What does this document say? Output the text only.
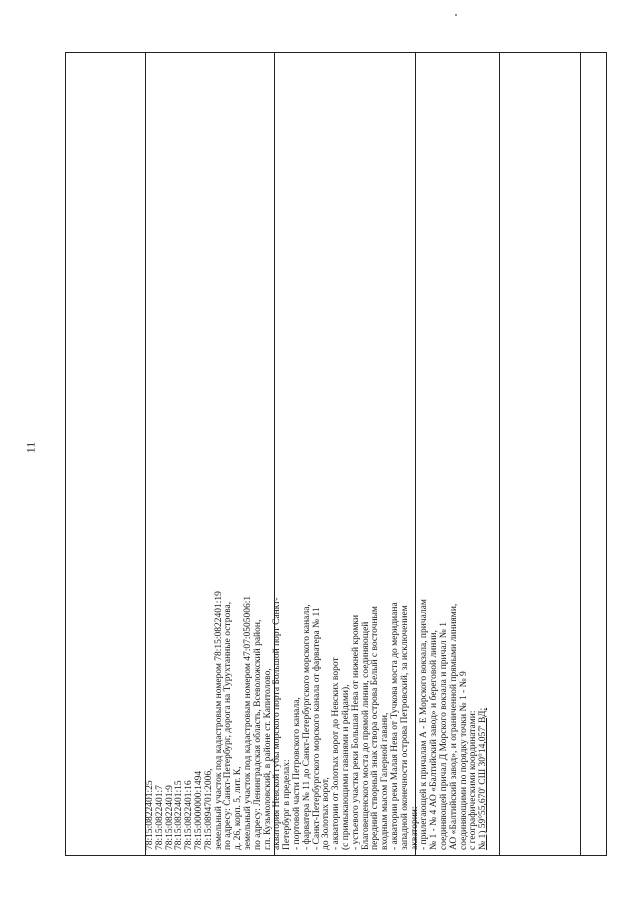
11
78:15:0822401:25 78:15:0822401:7 78:15:0822401:9 78:15:0822401:15 78:15:0822401:16 78:15:0000000:1494 78:15:0894701:2006, земельный участок под кадастровым номером 78:15:0822401:19 по адресу: Санкт-Петербург, дорога на Турухтанные острова, д. 26, корп. 5, лит. К, земельный участок под кадастровым номером 47:07:0505006:1 по адресу: Ленинградская область, Всеволожский район, г.п. Кузьмоловский, в районе ст. Капитолово, акватория Невской губы морского порта Большой порт Санкт- Петербург в пределах: - портовой части Петровского канала, - фарватера № 11 до Санкт-Петербургского морского канала, - Санкт-Петербургского морского канала от фарватера № 11 до Золотых ворот, - акватории от Золотых ворот до Невских ворот (с примыкающими гаванями и рейдами), - устьевого участка реки Большая Нева от нижней кромки Благовещенского моста до прямой линии, соединяющей передний створный знак створа острова Белый с восточным входным мысом Галерной гавани, - акватории реки Малая Нева от Тучкова моста до меридиана западной оконечности острова Петровский, за исключением акватории: - прилегающей к причалам А - Е Морского вокзала, причалам № 1 - № 4 АО «Балтийский завод» и береговой линии, соединяющей причал Д Морского вокзала и причал № 1 АО «Балтийский завод», и ограниченной прямыми линиями, соединяющими по порядку точки № 1 - № 9 с географическими координатами: № 1) 59°55,670' СШ 30°14,057' ВД;
